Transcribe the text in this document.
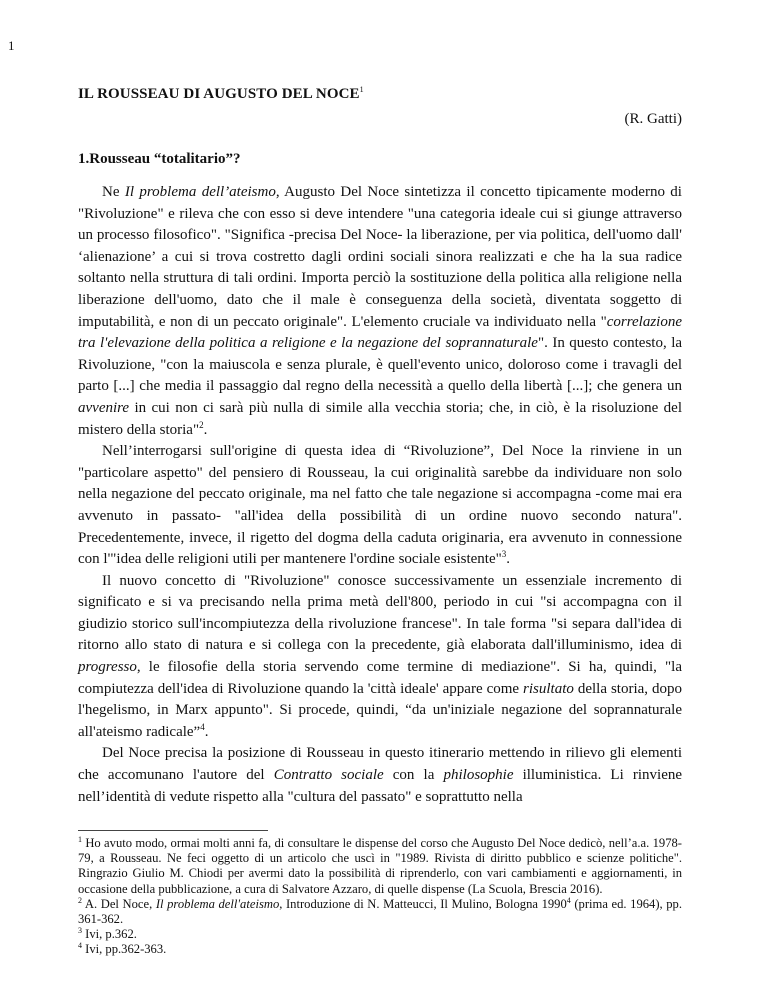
1
IL ROUSSEAU DI AUGUSTO DEL NOCE$^1$
(R. Gatti)
1.Rousseau “totalitario”?

Ne Il problema dell’ateismo, Augusto Del Noce sintetizza il concetto tipicamente moderno di "Rivoluzione" e rileva che con esso si deve intendere "una categoria ideale cui si giunge attraverso un processo filosofico". "Significa -precisa Del Noce- la liberazione, per via politica, dell'uomo dall' ‘alienazione’ a cui si trova costretto dagli ordini sociali sinora realizzati e che ha la sua radice soltanto nella struttura di tali ordini. Importa perciò la sostituzione della politica alla religione nella liberazione dell'uomo, dato che il male è conseguenza della società, diventata soggetto di imputabilità, e non di un peccato originale". L'elemento cruciale va individuato nella "correlazione tra l'elevazione della politica a religione e la negazione del soprannaturale". In questo contesto, la Rivoluzione, "con la maiuscola e senza plurale, è quell'evento unico, doloroso come i travagli del parto [...] che media il passaggio dal regno della necessità a quello della libertà [...]; che genera un avvenire in cui non ci sarà più nulla di simile alla vecchia storia; che, in ciò, è la risoluzione del mistero della storia"$^2$.

Nell’interrogarsi sull'origine di questa idea di “Rivoluzione”, Del Noce la rinviene in un "particolare aspetto" del pensiero di Rousseau, la cui originalità sarebbe da individuare non solo nella negazione del peccato originale, ma nel fatto che tale negazione si accompagna -come mai era avvenuto in passato- "all'idea della possibilità di un ordine nuovo secondo natura". Precedentemente, invece, il rigetto del dogma della caduta originaria, era avvenuto in connessione con l'"idea delle religioni utili per mantenere l'ordine sociale esistente"$^3$.

Il nuovo concetto di "Rivoluzione" conosce successivamente un essenziale incremento di significato e si va precisando nella prima metà dell'800, periodo in cui "si accompagna con il giudizio storico sull'incompiutezza della rivoluzione francese". In tale forma "si separa dall'idea di ritorno allo stato di natura e si collega con la precedente, già elaborata dall'illuminismo, idea di progresso, le filosofie della storia servendo come termine di mediazione". Si ha, quindi, "la compiutezza dell'idea di Rivoluzione quando la 'città ideale' appare come risultato della storia, dopo l'hegelismo, in Marx appunto". Si procede, quindi, “da un'iniziale negazione del soprannaturale all'ateismo radicale”$^4$.

Del Noce precisa la posizione di Rousseau in questo itinerario mettendo in rilievo gli elementi che accomunano l'autore del Contratto sociale con la philosophie illuministica. Li rinviene nell’identità di vedute rispetto alla "cultura del passato" e soprattutto nella

$^1$ Ho avuto modo, ormai molti anni fa, di consultare le dispense del corso che Augusto Del Noce dedicò, nell’a.a. 1978-79, a Rousseau. Ne feci oggetto di un articolo che uscì in "1989. Rivista di diritto pubblico e scienze politiche". Ringrazio Giulio M. Chiodi per avermi dato la possibilità di riprenderlo, con vari cambiamenti e aggiornamenti, in occasione della pubblicazione, a cura di Salvatore Azzaro, di quelle dispense (La Scuola, Brescia 2016).

$^2$ A. Del Noce, Il problema dell'ateismo, Introduzione di N. Matteucci, Il Mulino, Bologna 1990$^4$ (prima ed. 1964), pp. 361-362.

$^3$ Ivi, p.362.

$^4$ Ivi, pp.362-363.
